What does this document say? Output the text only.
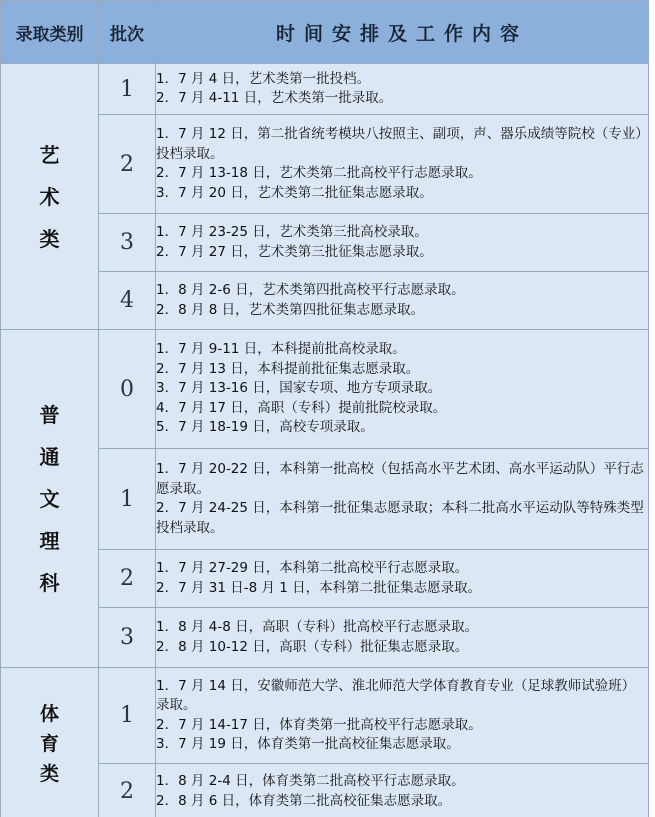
录取类别	批次	时间安排及工作内容

艺
术
类	1	1．7 月 4 日，艺术类第一批投档。
2．7 月 4-11 日，艺术类第一批录取。

	2	1．7 月 12 日，第二批省统考模块八按照主、副项，声、器乐成绩等院校（专业）投档录取。
2．7 月 13-18 日，艺术类第二批高校平行志愿录取。
3．7 月 20 日，艺术类第二批征集志愿录取。

	3	1．7 月 23-25 日，艺术类第三批高校录取。
2．7 月 27 日，艺术类第三批征集志愿录取。

	4	1．8 月 2-6 日，艺术类第四批高校平行志愿录取。
2．8 月 8 日，艺术类第四批征集志愿录取。

普
通
文
理
科	0	1．7 月 9-11 日，本科提前批高校录取。
2．7 月 13 日，本科提前批征集志愿录取。
3．7 月 13-16 日，国家专项、地方专项录取。
4．7 月 17 日，高职（专科）提前批院校录取。
5．7 月 18-19 日，高校专项录取。

	1	1．7 月 20-22 日，本科第一批高校（包括高水平艺术团、高水平运动队）平行志愿录取。
2．7 月 24-25 日，本科第一批征集志愿录取；本科二批高水平运动队等特殊类型投档录取。

	2	1．7 月 27-29 日，本科第二批高校平行志愿录取。
2．7 月 31 日-8 月 1 日，本科第二批征集志愿录取。

	3	1．8 月 4-8 日，高职（专科）批高校平行志愿录取。
2．8 月 10-12 日，高职（专科）批征集志愿录取。

体
育
类	1	1．7 月 14 日，安徽师范大学、淮北师范大学体育教育专业（足球教师试验班）录取。
2．7 月 14-17 日，体育类第一批高校平行志愿录取。
3．7 月 19 日，体育类第一批高校征集志愿录取。

	2	1．8 月 2-4 日，体育类第二批高校平行志愿录取。
2．8 月 6 日，体育类第二批高校征集志愿录取。
